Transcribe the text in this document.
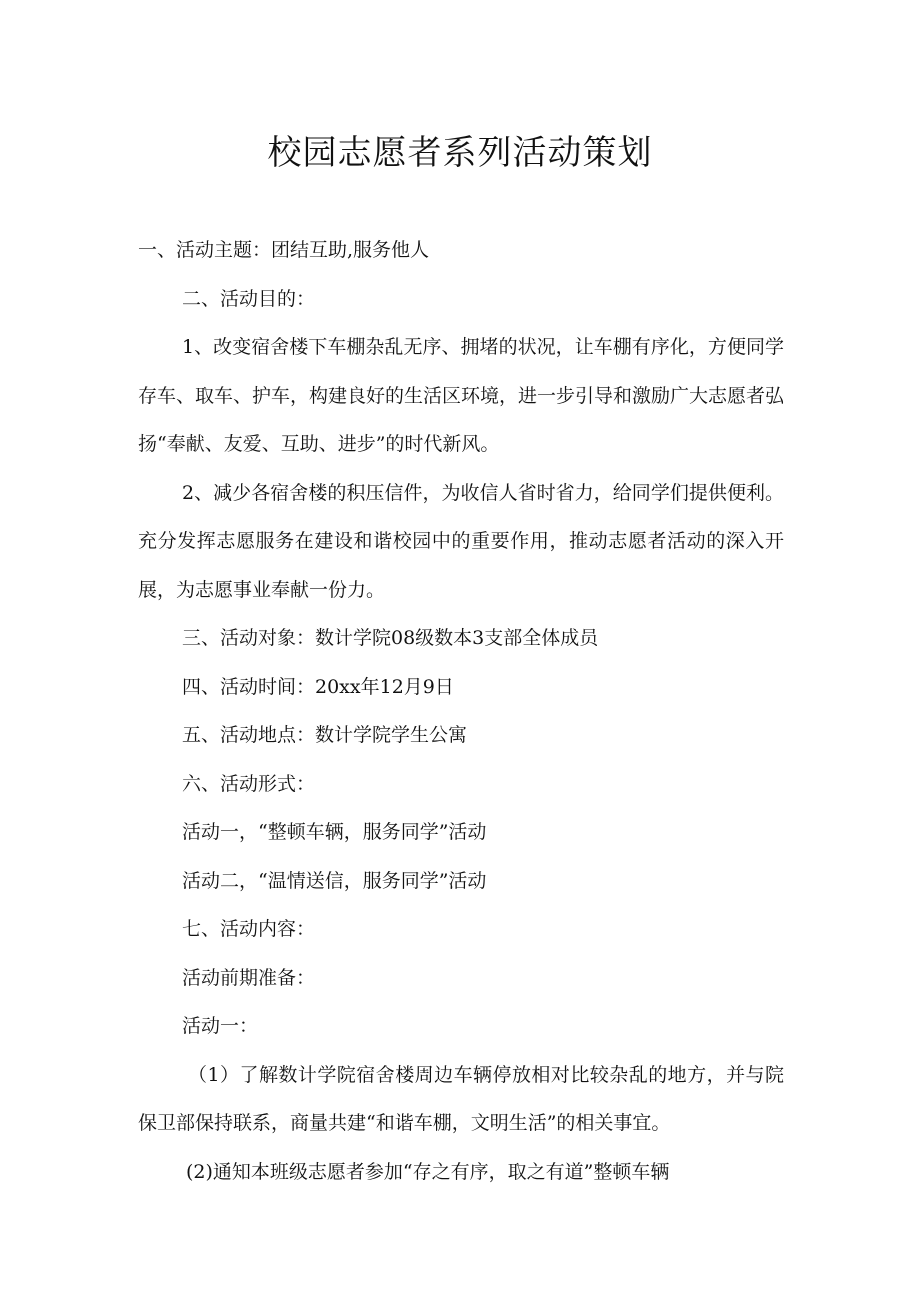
校园志愿者系列活动策划

一、活动主题：团结互助,服务他人

二、活动目的：

1、改变宿舍楼下车棚杂乱无序、拥堵的状况，让车棚有序化，方便同学存车、取车、护车，构建良好的生活区环境，进一步引导和激励广大志愿者弘扬“奉献、友爱、互助、进步”的时代新风。

2、减少各宿舍楼的积压信件，为收信人省时省力，给同学们提供便利。充分发挥志愿服务在建设和谐校园中的重要作用，推动志愿者活动的深入开展，为志愿事业奉献一份力。

三、活动对象：数计学院08级数本3支部全体成员

四、活动时间：20xx年12月9日

五、活动地点：数计学院学生公寓

六、活动形式：

活动一，“整顿车辆，服务同学”活动

活动二，“温情送信，服务同学”活动

七、活动内容：

活动前期准备：

活动一：

（1）了解数计学院宿舍楼周边车辆停放相对比较杂乱的地方，并与院保卫部保持联系，商量共建“和谐车棚，文明生活”的相关事宜。

(2)通知本班级志愿者参加“存之有序，取之有道”整顿车辆
